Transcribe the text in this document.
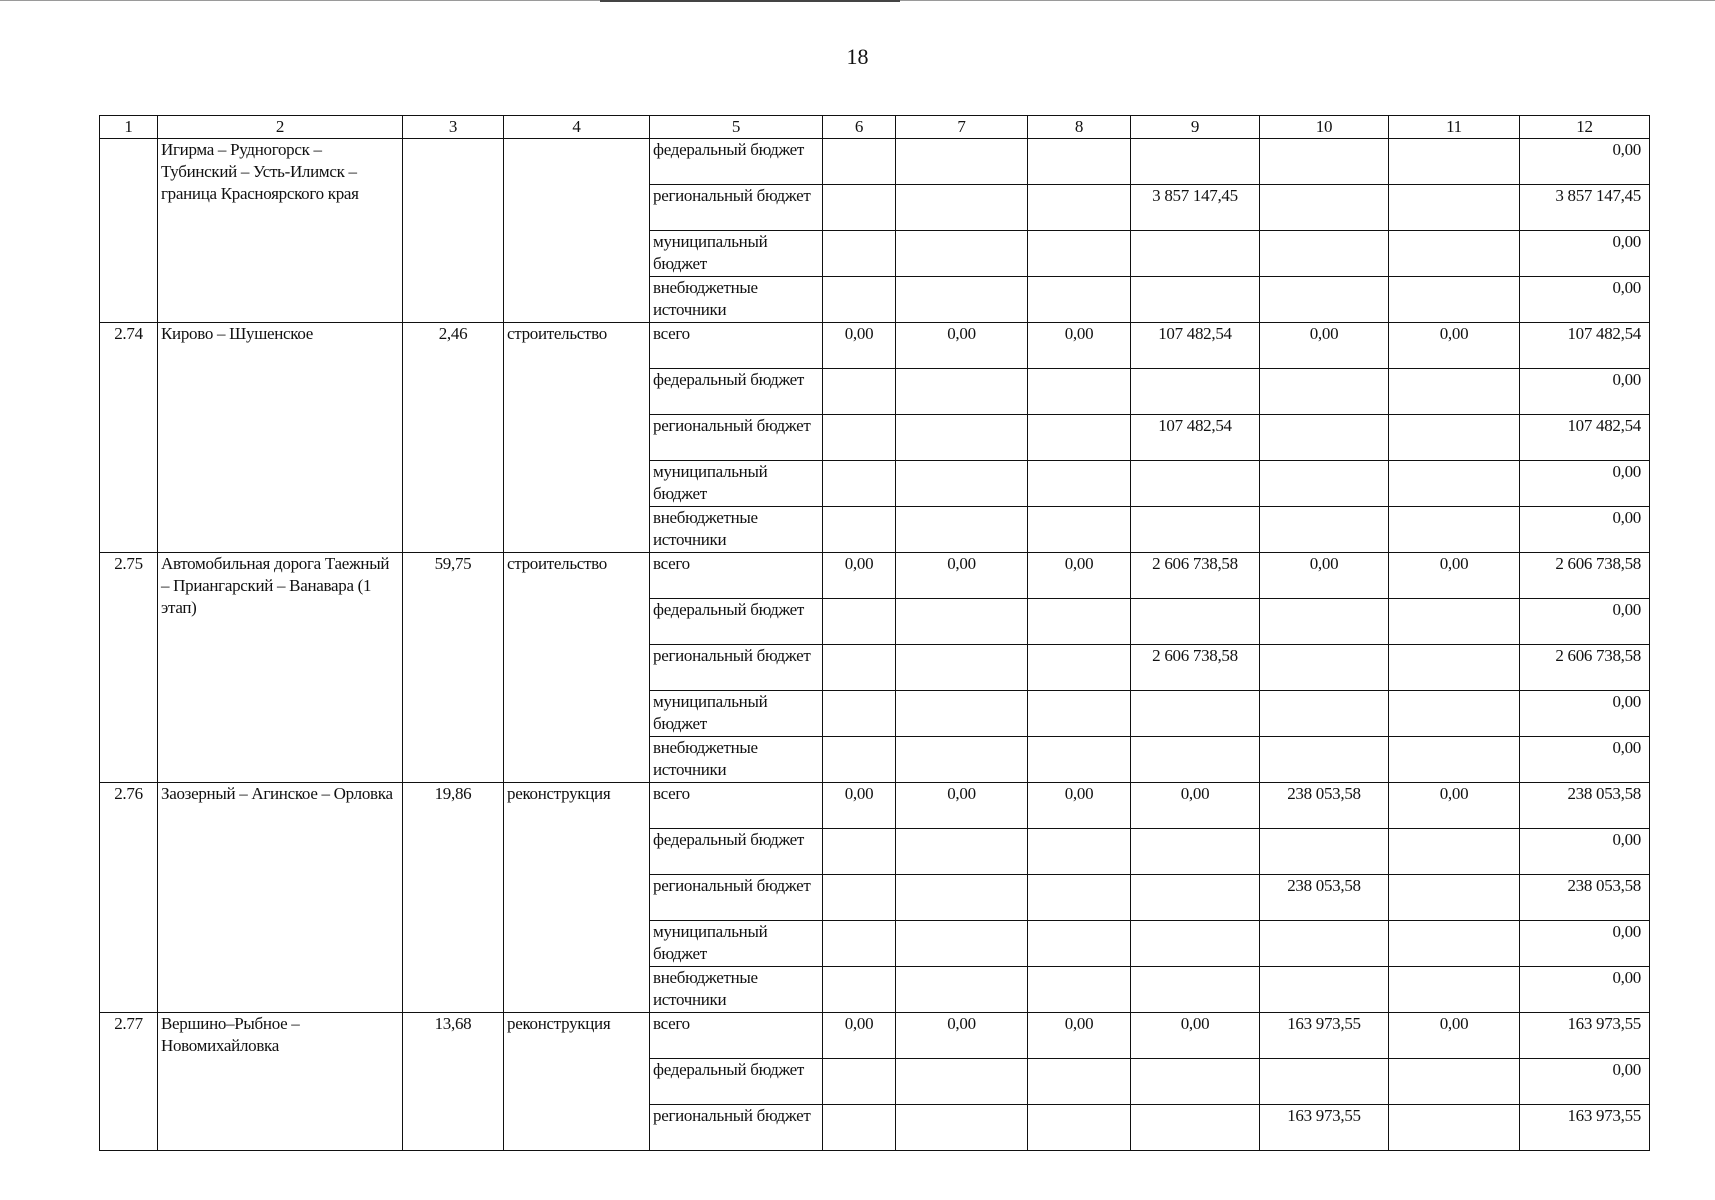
18
1	2	3	4	5	6	7	8	9	10	11	12
	Игирма – Рудногорск – Тубинский – Усть-Илимск – граница Красноярского края			федеральный бюджет							0,00
				региональный бюджет				3 857 147,45			3 857 147,45
				муниципальный бюджет							0,00
				внебюджетные источники							0,00
2.74	Кирово – Шушенское	2,46	строительство	всего	0,00	0,00	0,00	107 482,54	0,00	0,00	107 482,54
				федеральный бюджет							0,00
				региональный бюджет				107 482,54			107 482,54
				муниципальный бюджет							0,00
				внебюджетные источники							0,00
2.75	Автомобильная дорога Таежный – Приангарский – Ванавара (1 этап)	59,75	строительство	всего	0,00	0,00	0,00	2 606 738,58	0,00	0,00	2 606 738,58
				федеральный бюджет							0,00
				региональный бюджет				2 606 738,58			2 606 738,58
				муниципальный бюджет							0,00
				внебюджетные источники							0,00
2.76	Заозерный – Агинское – Орловка	19,86	реконструкция	всего	0,00	0,00	0,00	0,00	238 053,58	0,00	238 053,58
				федеральный бюджет							0,00
				региональный бюджет					238 053,58		238 053,58
				муниципальный бюджет							0,00
				внебюджетные источники							0,00
2.77	Вершино–Рыбное – Новомихайловка	13,68	реконструкция	всего	0,00	0,00	0,00	0,00	163 973,55	0,00	163 973,55
				федеральный бюджет							0,00
				региональный бюджет					163 973,55		163 973,55
